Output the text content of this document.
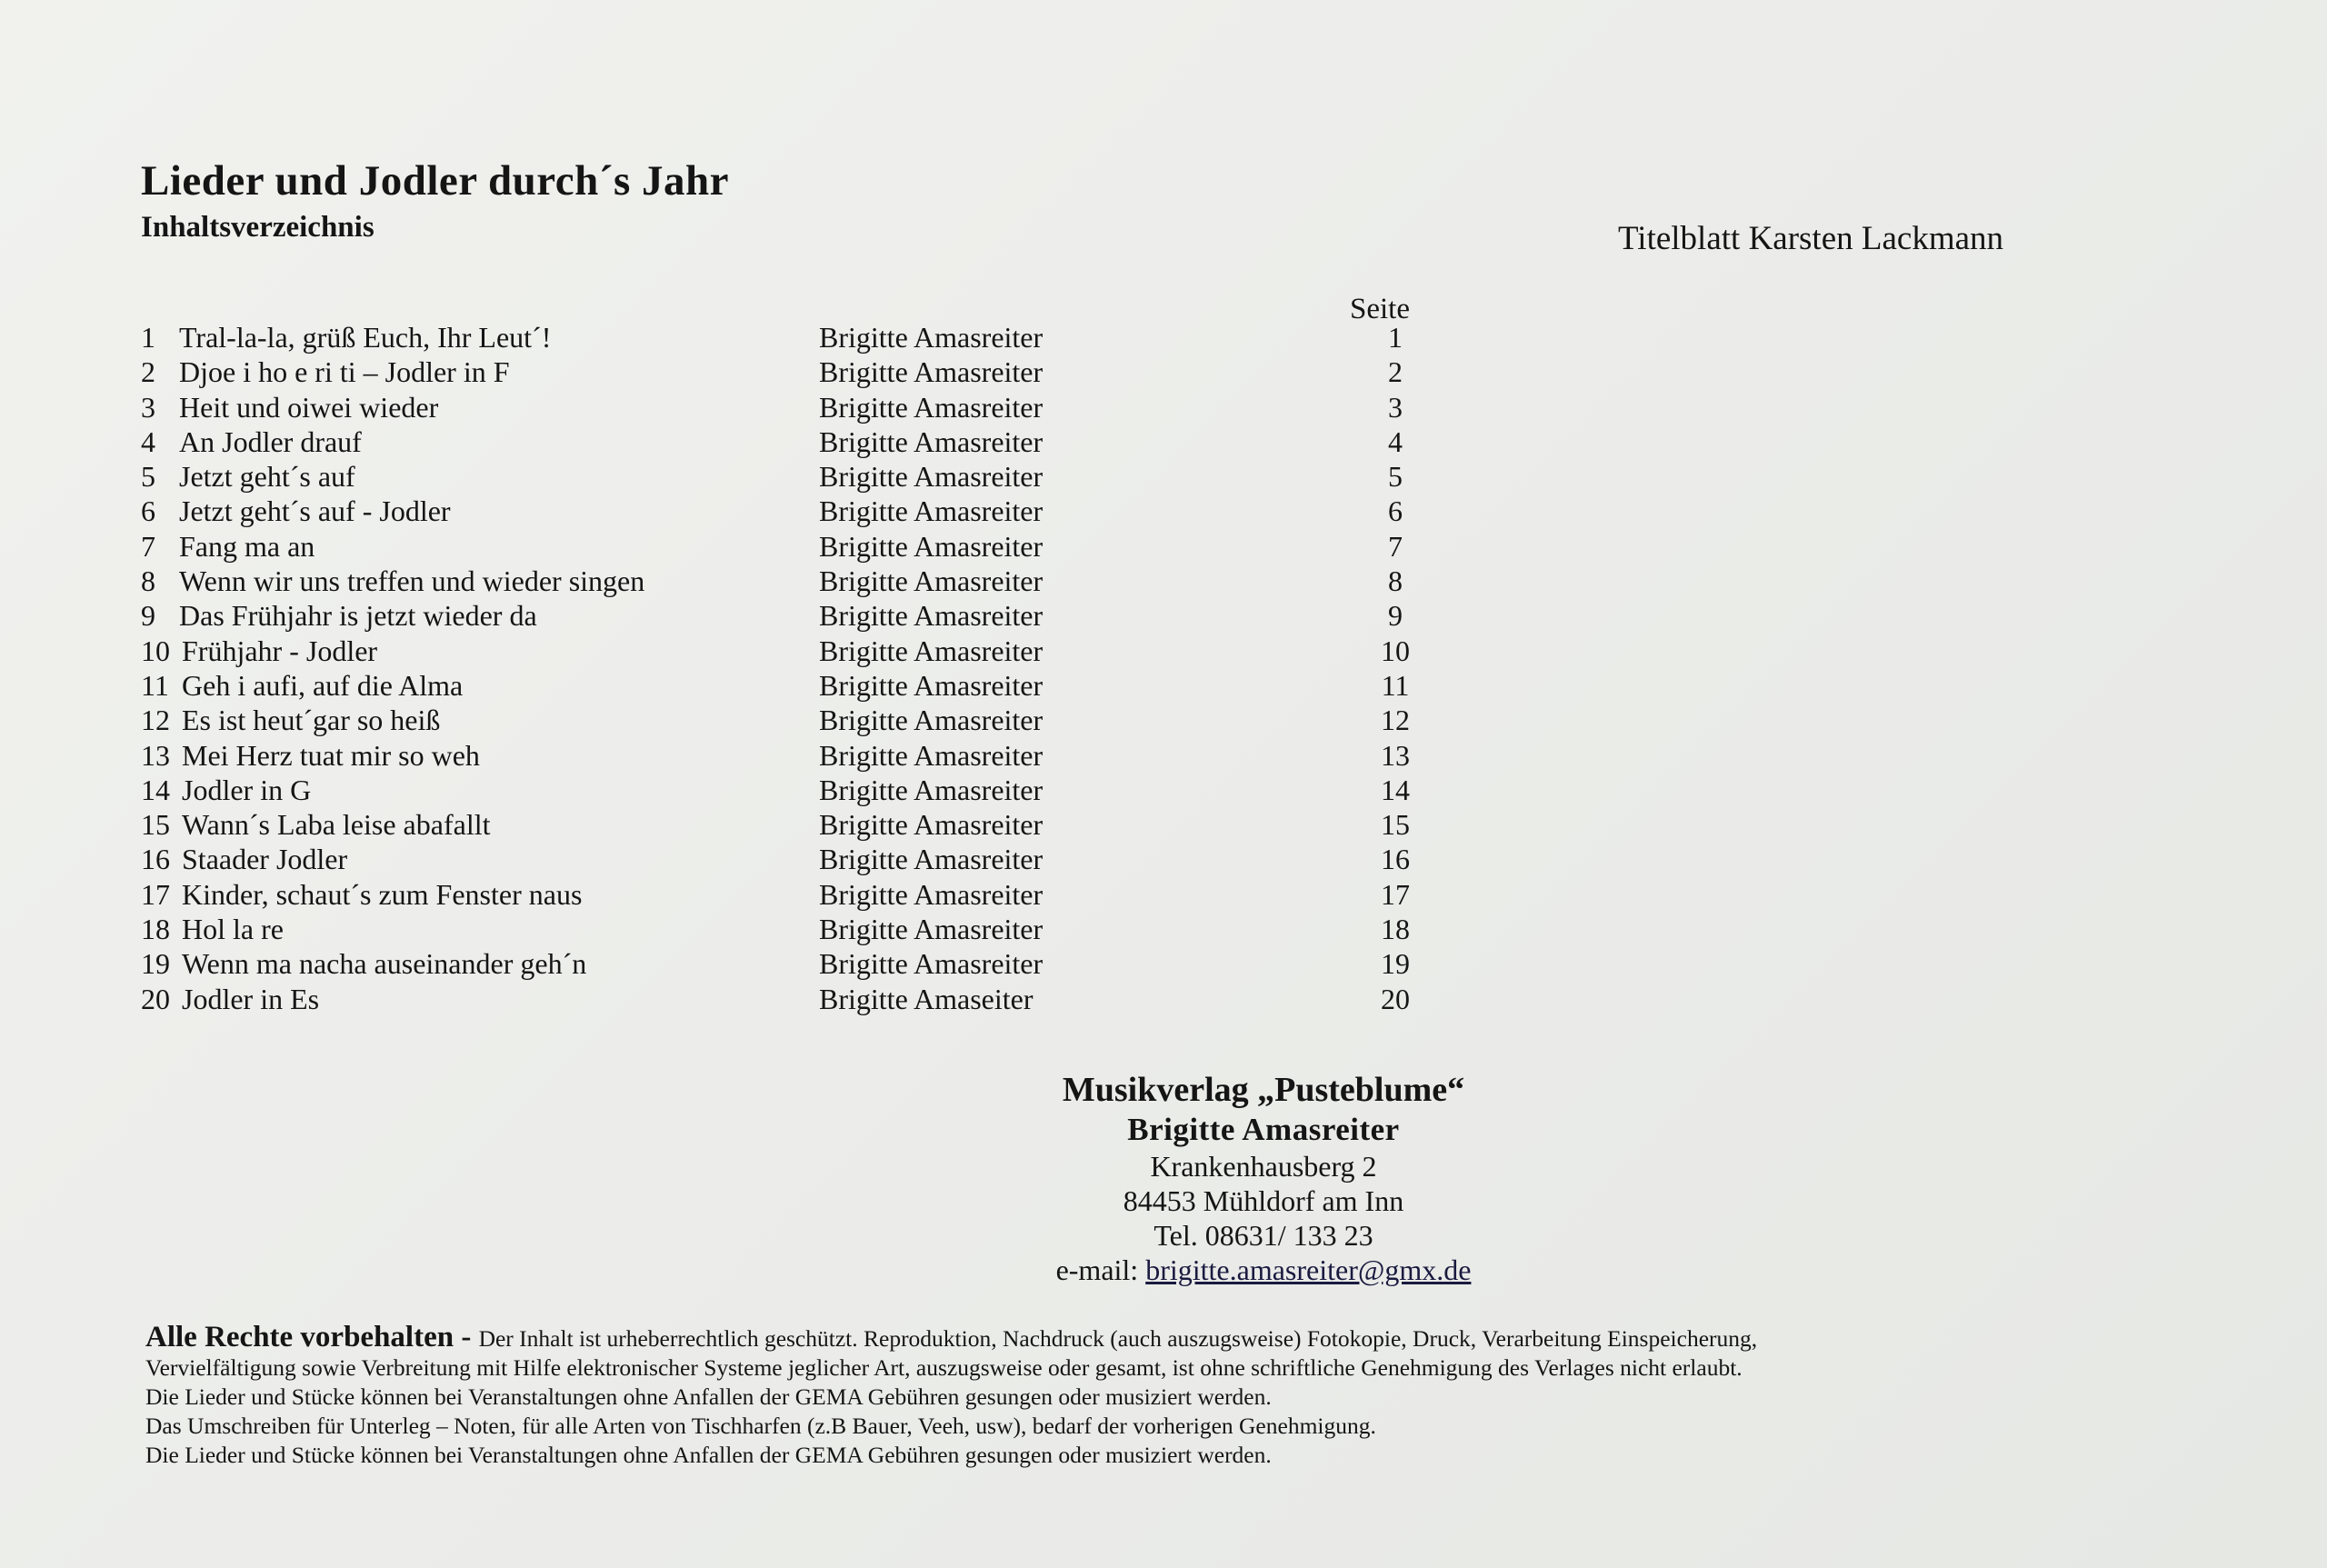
Lieder und Jodler durch´s Jahr
Inhaltsverzeichnis	Titelblatt Karsten Lackmann
Seite
1 Tral-la-la, grüß Euch, Ihr Leut´!	Brigitte Amasreiter	1
2 Djoe i ho e ri ti – Jodler in F	Brigitte Amasreiter	2
3 Heit und oiwei wieder	Brigitte Amasreiter	3
4 An Jodler drauf	Brigitte Amasreiter	4
5 Jetzt geht´s auf	Brigitte Amasreiter	5
6 Jetzt geht´s auf - Jodler	Brigitte Amasreiter	6
7 Fang ma an	Brigitte Amasreiter	7
8 Wenn wir uns treffen und wieder singen	Brigitte Amasreiter	8
9 Das Frühjahr is jetzt wieder da	Brigitte Amasreiter	9
10 Frühjahr - Jodler	Brigitte Amasreiter	10
11 Geh i aufi, auf die Alma	Brigitte Amasreiter	11
12 Es ist heut´gar so heiß	Brigitte Amasreiter	12
13 Mei Herz tuat mir so weh	Brigitte Amasreiter	13
14 Jodler in G	Brigitte Amasreiter	14
15 Wann´s Laba leise abafallt	Brigitte Amasreiter	15
16 Staader Jodler	Brigitte Amasreiter	16
17 Kinder, schaut´s zum Fenster naus	Brigitte Amasreiter	17
18 Hol la re	Brigitte Amasreiter	18
19 Wenn ma nacha auseinander geh´n	Brigitte Amasreiter	19
20 Jodler in Es	Brigitte Amaseiter	20
Musikverlag „Pusteblume“
Brigitte Amasreiter
Krankenhausberg 2
84453 Mühldorf am Inn
Tel. 08631/ 133 23
e-mail: brigitte.amasreiter@gmx.de

Alle Rechte vorbehalten - Der Inhalt ist urheberrechtlich geschützt. Reproduktion, Nachdruck (auch auszugsweise) Fotokopie, Druck, Verarbeitung Einspeicherung,

Vervielfältigung sowie Verbreitung mit Hilfe elektronischer Systeme jeglicher Art, auszugsweise oder gesamt, ist ohne schriftliche Genehmigung des Verlages nicht erlaubt.

Die Lieder und Stücke können bei Veranstaltungen ohne Anfallen der GEMA Gebühren gesungen oder musiziert werden.

Das Umschreiben für Unterleg – Noten, für alle Arten von Tischharfen (z.B Bauer, Veeh, usw), bedarf der vorherigen Genehmigung.

Die Lieder und Stücke können bei Veranstaltungen ohne Anfallen der GEMA Gebühren gesungen oder musiziert werden.
